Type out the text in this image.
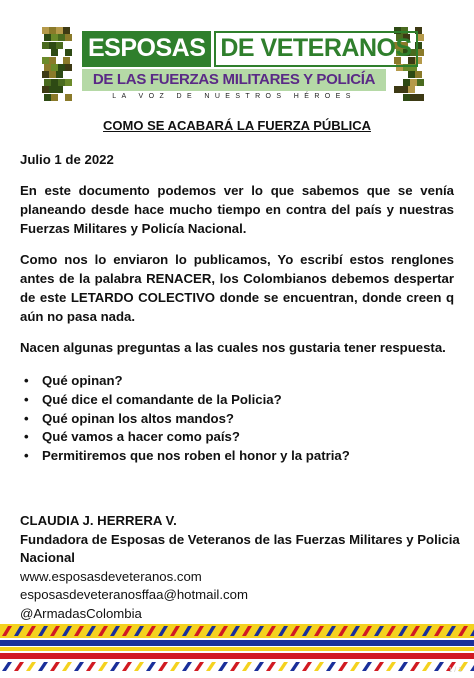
ESPOSAS DE VETERANOS
DE LAS FUERZAS MILITARES Y POLICÍA
LA VOZ DE NUESTROS HÉROES
COMO SE ACABARÁ LA FUERZA PÚBLICA
Julio 1 de 2022
En este documento podemos ver lo que sabemos que se venía planeando desde hace mucho tiempo en contra del país y nuestras Fuerzas Militares y Policía Nacional.
Como nos lo enviaron lo publicamos, Yo escribí estos renglones antes de la palabra RENACER, los Colombianos debemos despertar de este LETARDO COLECTIVO donde se encuentran, donde creen q aún no pasa nada.
Nacen algunas preguntas a las cuales nos gustaria tener respuesta.
• Qué opinan?
• Qué dice el comandante de la Policia?
• Qué opinan los altos mandos?
• Qué vamos a hacer como país?
• Permitiremos que nos roben el honor y la patria?
CLAUDIA J. HERRERA V.
Fundadora de Esposas de Veteranos de las Fuerzas Militares y Policia Nacional
www.esposasdeveteranos.com
esposasdeveteranosffaa@hotmail.com
@ArmadasColombia
1 / 1
